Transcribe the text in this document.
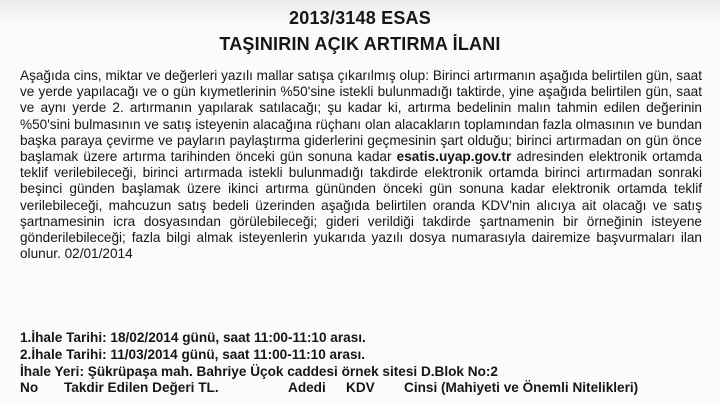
2013/3148 ESAS
TAŞINIRIN AÇIK ARTIRMA İLANI

Aşağıda cins, miktar ve değerleri yazılı mallar satışa çıkarılmış olup: Birinci artırmanın aşağıda belirtilen gün, saat ve yerde yapılacağı ve o gün kıymetlerinin %50'sine istekli bulunmadığı taktirde, yine aşağıda belirtilen gün, saat ve aynı yerde 2. artırmanın yapılarak satılacağı; şu kadar ki, artırma bedelinin malın tahmin edilen değerinin %50'sini bulmasının ve satış isteyenin alacağına rüçhanı olan alacakların toplamından fazla olmasının ve bundan başka paraya çevirme ve payların paylaştırma giderlerini geçmesinin şart olduğu; birinci artırmadan on gün önce başlamak üzere artırma tarihinden önceki gün sonuna kadar esatis.uyap.gov.tr adresinden elektronik ortamda teklif verilebileceği, birinci artırmada istekli bulunmadığı takdirde elektronik ortamda birinci artırmadan sonraki beşinci günden başlamak üzere ikinci artırma gününden önceki gün sonuna kadar elektronik ortamda teklif verilebileceği, mahcuzun satış bedeli üzerinden aşağıda belirtilen oranda KDV'nin alıcıya ait olacağı ve satış şartnamesinin icra dosyasından görülebileceği; gideri verildiği takdirde şartnamenin bir örneğinin isteyene gönderilebileceği; fazla bilgi almak isteyenlerin yukarıda yazılı dosya numarasıyla dairemize başvurmaları ilan olunur. 02/01/2014

1.İhale Tarihi: 18/02/2014 günü, saat 11:00-11:10 arası.
2.İhale Tarihi: 11/03/2014 günü, saat 11:00-11:10 arası.
İhale Yeri: Şükrüpaşa mah. Bahriye Üçok caddesi örnek sitesi D.Blok No:2
No Takdir Edilen Değeri TL.	Adedi KDV Cinsi (Mahiyeti ve Önemli Nitelikleri)
